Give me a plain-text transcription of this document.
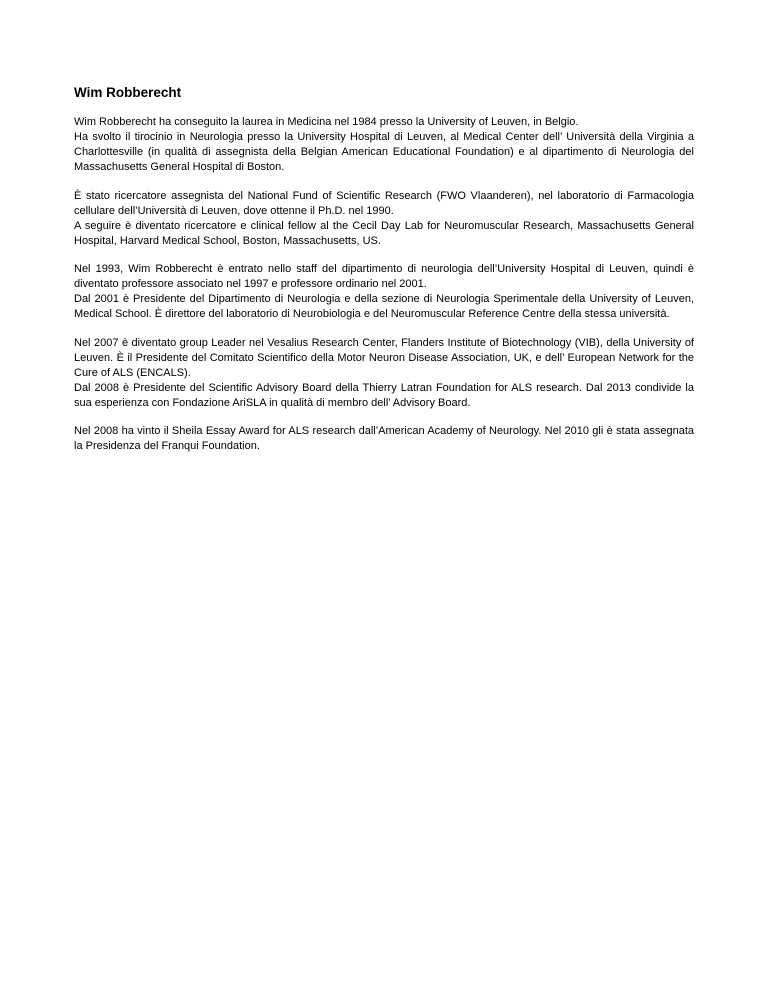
Wim Robberecht
Wim Robberecht ha conseguito la laurea in Medicina nel 1984 presso la University of Leuven, in Belgio.
Ha svolto il tirocinio in Neurologia presso la University Hospital di Leuven, al Medical Center dell’ Università della Virginia a Charlottesville (in qualità di assegnista della Belgian American Educational Foundation) e al dipartimento di Neurologia del Massachusetts General Hospital di Boston.
È stato ricercatore assegnista del National Fund of Scientific Research (FWO Vlaanderen), nel laboratorio di Farmacologia cellulare dell’Università di Leuven, dove ottenne il Ph.D. nel 1990.
A seguire è diventato ricercatore e clinical fellow al the Cecil Day Lab for Neuromuscular Research, Massachusetts General Hospital, Harvard Medical School, Boston, Massachusetts, US.
Nel 1993, Wim Robberecht è entrato nello staff del dipartimento di neurologia dell’University Hospital di Leuven, quindi è diventato professore associato nel 1997 e professore ordinario nel 2001.
Dal 2001 è Presidente del Dipartimento di Neurologia e della sezione di Neurologia Sperimentale della University of Leuven, Medical School. È direttore del laboratorio di Neurobiologia e del Neuromuscular Reference Centre della stessa università.
Nel 2007 è diventato group Leader nel Vesalius Research Center, Flanders Institute of Biotechnology (VIB), della University of Leuven. È il Presidente del Comitato Scientifico della Motor Neuron Disease Association, UK, e dell’ European Network for the Cure of ALS (ENCALS).
Dal 2008 è Presidente del Scientific Advisory Board della Thierry Latran Foundation for ALS research. Dal 2013 condivide la sua esperienza con Fondazione AriSLA in qualità di membro dell’ Advisory Board.
Nel 2008 ha vinto il Sheila Essay Award for ALS research dall’American Academy of Neurology. Nel 2010 gli è stata assegnata la Presidenza del Franqui Foundation.
